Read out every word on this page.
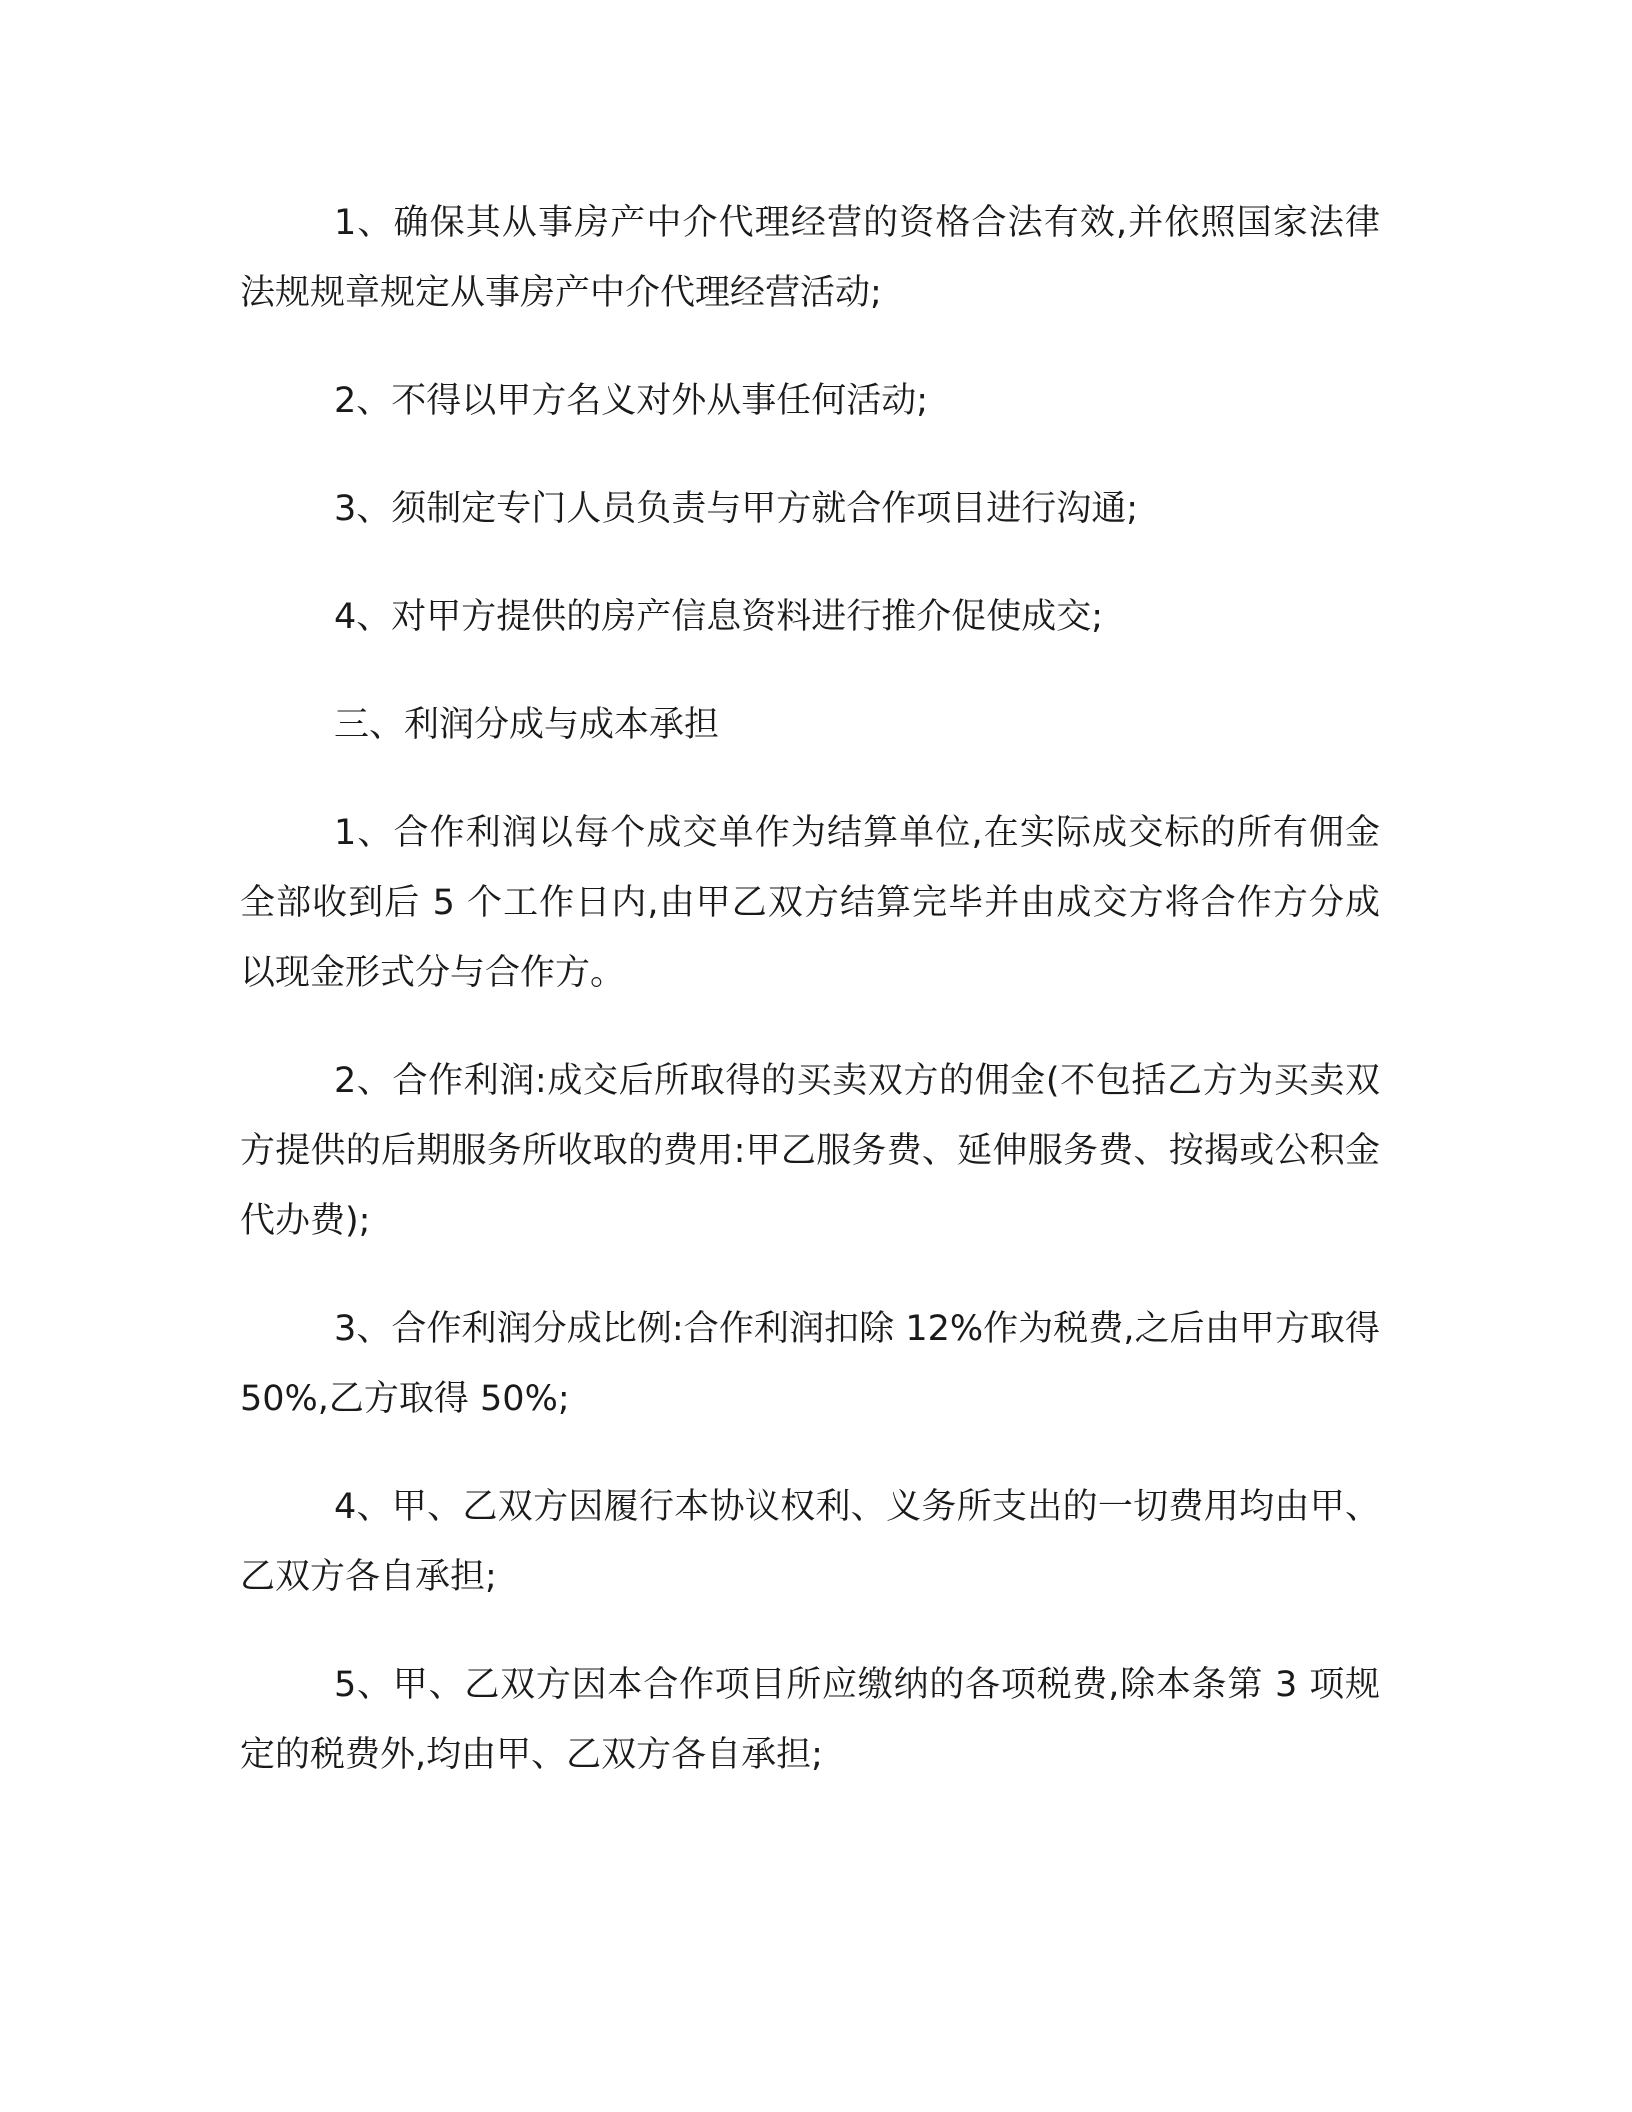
1、确保其从事房产中介代理经营的资格合法有效,并依照国家法律法规规章规定从事房产中介代理经营活动;

2、不得以甲方名义对外从事任何活动;

3、须制定专门人员负责与甲方就合作项目进行沟通;

4、对甲方提供的房产信息资料进行推介促使成交;

三、利润分成与成本承担

1、合作利润以每个成交单作为结算单位,在实际成交标的所有佣金全部收到后 5 个工作日内,由甲乙双方结算完毕并由成交方将合作方分成以现金形式分与合作方。

2、合作利润:成交后所取得的买卖双方的佣金(不包括乙方为买卖双方提供的后期服务所收取的费用:甲乙服务费、延伸服务费、按揭或公积金代办费);

3、合作利润分成比例:合作利润扣除 12%作为税费,之后由甲方取得 50%,乙方取得 50%;

4、甲、乙双方因履行本协议权利、义务所支出的一切费用均由甲、乙双方各自承担;

5、甲、乙双方因本合作项目所应缴纳的各项税费,除本条第 3 项规定的税费外,均由甲、乙双方各自承担;
